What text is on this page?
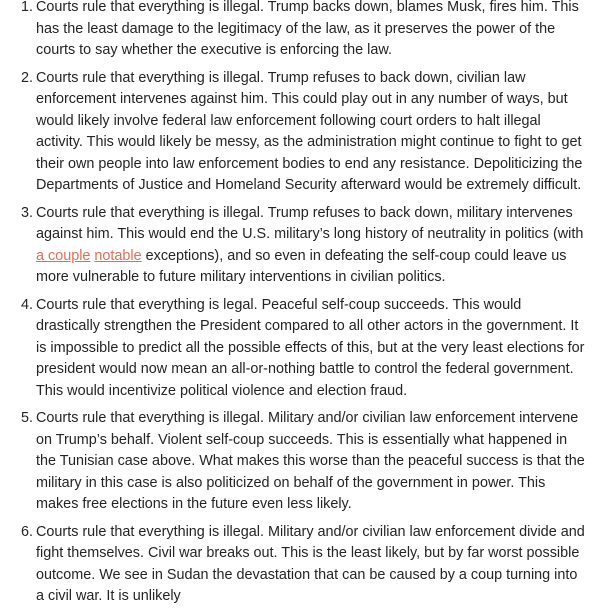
1. Courts rule that everything is illegal. Trump backs down, blames Musk, fires him. This has the least damage to the legitimacy of the law, as it preserves the power of the courts to say whether the executive is enforcing the law.
2. Courts rule that everything is illegal. Trump refuses to back down, civilian law enforcement intervenes against him. This could play out in any number of ways, but would likely involve federal law enforcement following court orders to halt illegal activity. This would likely be messy, as the administration might continue to fight to get their own people into law enforcement bodies to end any resistance. Depoliticizing the Departments of Justice and Homeland Security afterward would be extremely difficult.
3. Courts rule that everything is illegal. Trump refuses to back down, military intervenes against him. This would end the U.S. military’s long history of neutrality in politics (with a couple notable exceptions), and so even in defeating the self-coup could leave us more vulnerable to future military interventions in civilian politics.
4. Courts rule that everything is legal. Peaceful self-coup succeeds. This would drastically strengthen the President compared to all other actors in the government. It is impossible to predict all the possible effects of this, but at the very least elections for president would now mean an all-or-nothing battle to control the federal government. This would incentivize political violence and election fraud.
5. Courts rule that everything is illegal. Military and/or civilian law enforcement intervene on Trump’s behalf. Violent self-coup succeeds. This is essentially what happened in the Tunisian case above. What makes this worse than the peaceful success is that the military in this case is also politicized on behalf of the government in power. This makes free elections in the future even less likely.
6. Courts rule that everything is illegal. Military and/or civilian law enforcement divide and fight themselves. Civil war breaks out. This is the least likely, but by far worst possible outcome. We see in Sudan the devastation that can be caused by a coup turning into a civil war. It is unlikely
